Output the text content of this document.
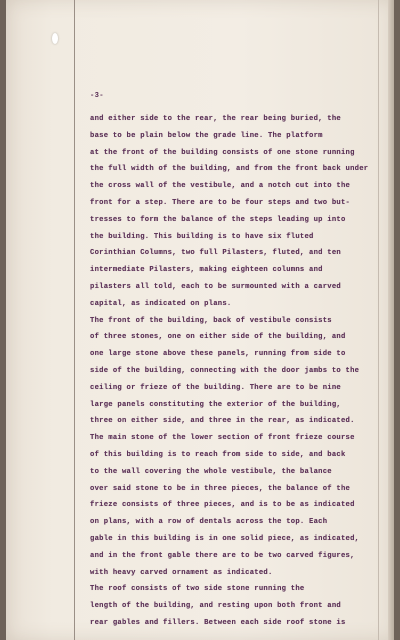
-3-
and either side to the rear, the rear being buried, the
base to be plain below the grade line. The platform
at the front of the building consists of one stone running
the full width of the building, and from the front back under
the cross wall of the vestibule, and a notch cut into the
front for a step. There are to be four steps and two but-
tresses to form the balance of the steps leading up into
the building. This building is to have six fluted
Corinthian Columns, two full Pilasters, fluted, and ten
intermediate Pilasters, making eighteen columns and
pilasters all told, each to be surmounted with a carved
capital, as indicated on plans.
The front of the building, back of vestibule consists
of three stones, one on either side of the building, and
one large stone above these panels, running from side to
side of the building, connecting with the door jambs to the
ceiling or frieze of the building. There are to be nine
large panels constituting the exterior of the building,
three on either side, and three in the rear, as indicated.
The main stone of the lower section of front frieze course
of this building is to reach from side to side, and back
to the wall covering the whole vestibule, the balance
over said stone to be in three pieces, the balance of the
frieze consists of three pieces, and is to be as indicated
on plans, with a row of dentals across the top. Each
gable in this building is in one solid piece, as indicated,
and in the front gable there are to be two carved figures,
with heavy carved ornament as indicated.
The roof consists of two side stone running the
length of the building, and resting upon both front and
rear gables and fillers. Between each side roof stone is
